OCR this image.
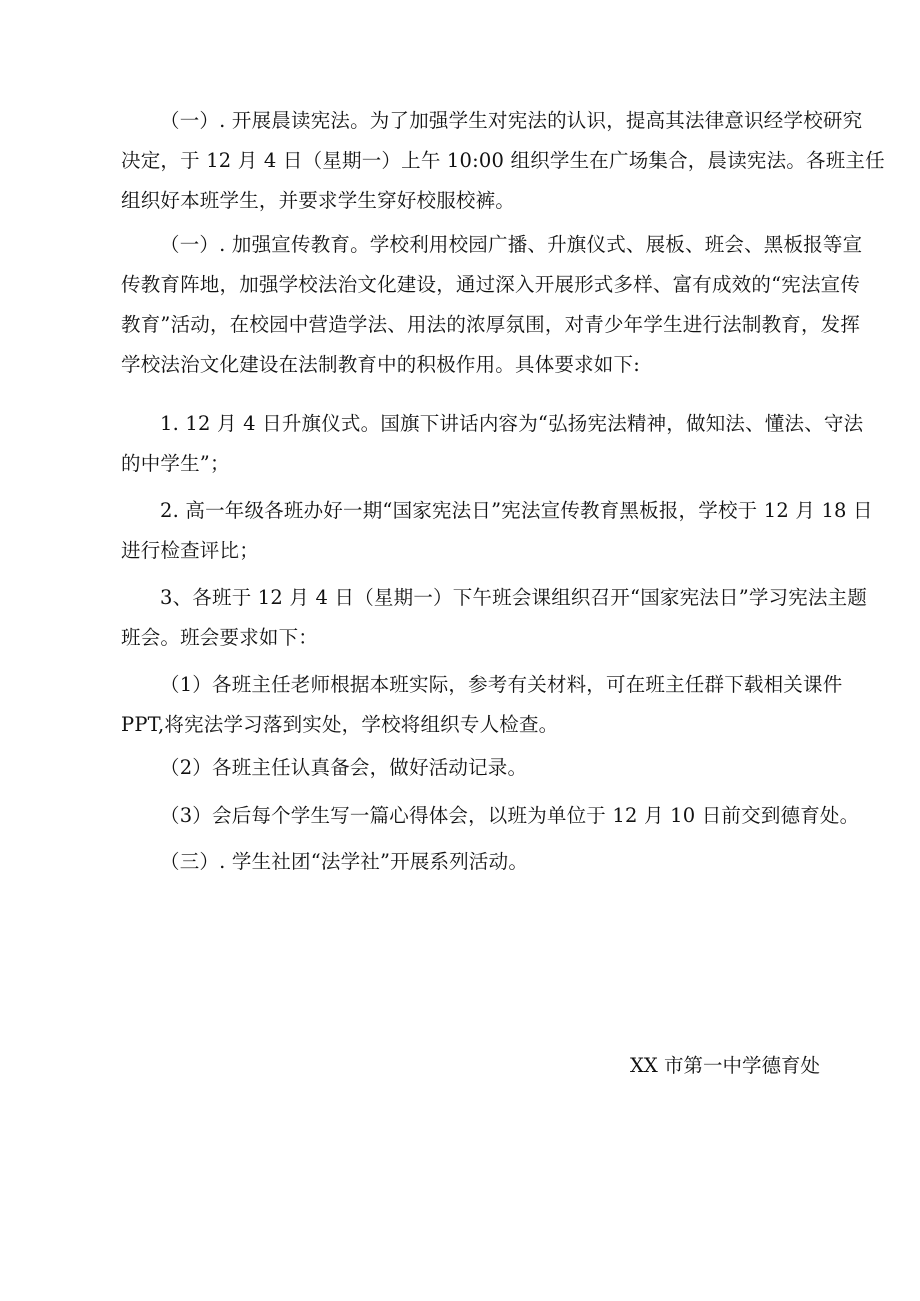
（一）. 开展晨读宪法。为了加强学生对宪法的认识，提高其法律意识经学校研究
决定，于 12 月 4 日（星期一）上午 10:00 组织学生在广场集合，晨读宪法。各班主任
组织好本班学生，并要求学生穿好校服校裤。
（一）. 加强宣传教育。学校利用校园广播、升旗仪式、展板、班会、黑板报等宣
传教育阵地，加强学校法治文化建设，通过深入开展形式多样、富有成效的“宪法宣传
教育”活动，在校园中营造学法、用法的浓厚氛围，对青少年学生进行法制教育，发挥
学校法治文化建设在法制教育中的积极作用。具体要求如下:
1. 12 月 4 日升旗仪式。国旗下讲话内容为“弘扬宪法精神，做知法、懂法、守法
的中学生”；
2. 高一年级各班办好一期“国家宪法日”宪法宣传教育黑板报，学校于 12 月 18 日
进行检查评比；
3、各班于 12 月 4 日（星期一）下午班会课组织召开“国家宪法日”学习宪法主题
班会。班会要求如下：
（1）各班主任老师根据本班实际，参考有关材料，可在班主任群下载相关课件
PPT,将宪法学习落到实处，学校将组织专人检查。
（2）各班主任认真备会，做好活动记录。
（3）会后每个学生写一篇心得体会，以班为单位于 12 月 10 日前交到德育处。
（三）. 学生社团“法学社”开展系列活动。

XX 市第一中学德育处
